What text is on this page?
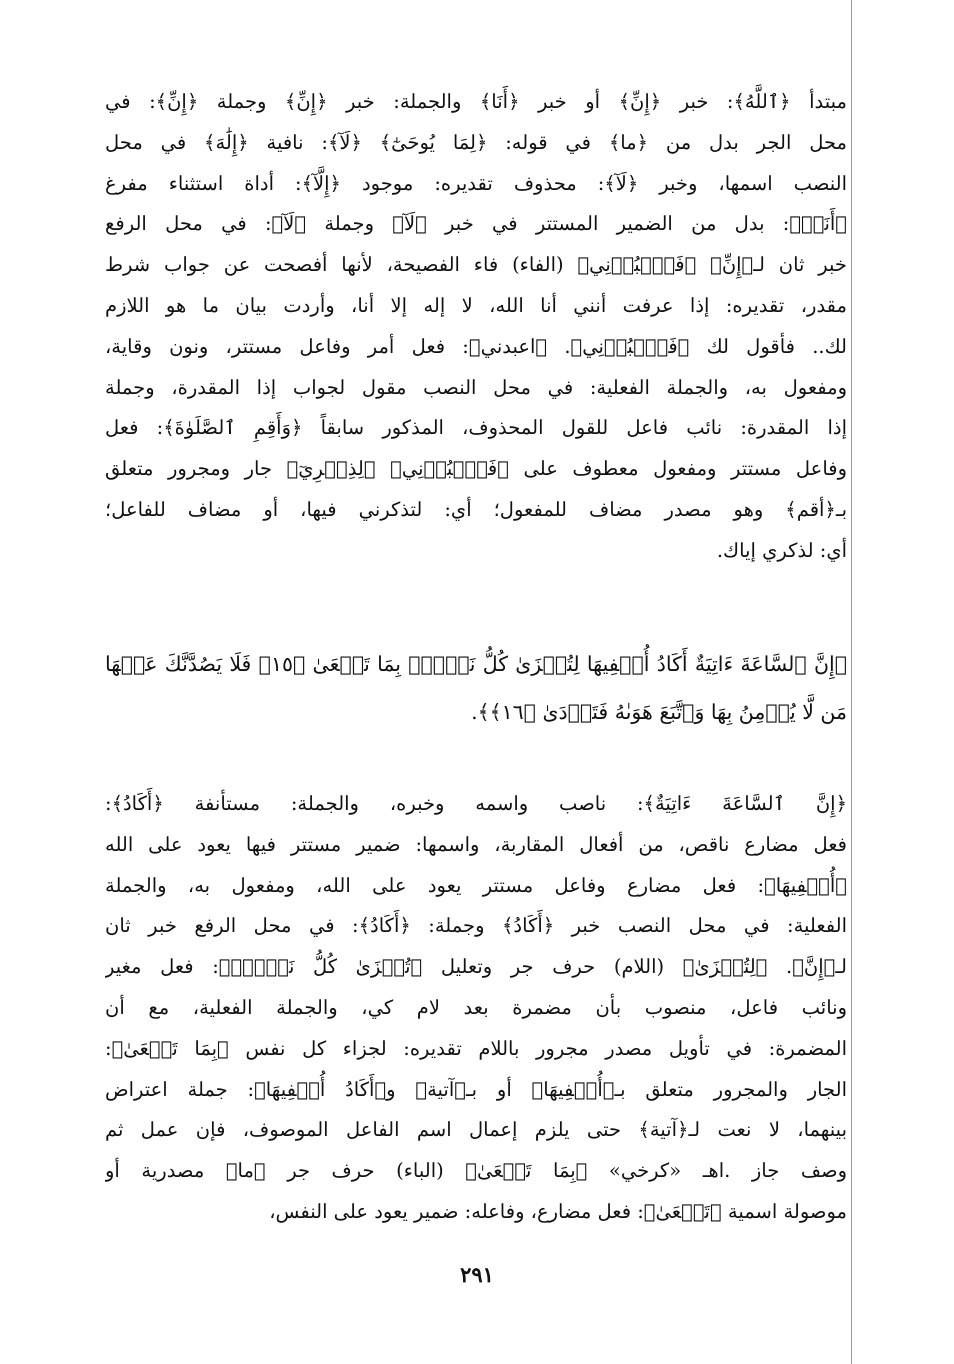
مبتدأ ﴿ٱللَّهُ﴾: خبر ﴿إِنِّ﴾ أو خبر ﴿أَنَا﴾ والجملة: خبر ﴿إِنِّ﴾ وجملة ﴿إِنِّ﴾: في
محل الجر بدل من ﴿ما﴾ في قوله: ﴿لِمَا يُوحَىٰٓ﴾ ﴿لَآ﴾: نافية ﴿إِلَٰهَ﴾ في محل
النصب اسمها، وخبر ﴿لَآ﴾: محذوف تقديره: موجود ﴿إِلَّآ﴾: أداة استثناء مفرغ
﴿أَنَا۠﴾: بدل من الضمير المستتر في خبر ﴿لَآ﴾ وجملة ﴿لَآ﴾: في محل الرفع
خبر ثان لـ﴿إِنِّ﴾ ﴿فَٱعۡبُدۡنِي﴾ (الفاء) فاء الفصيحة، لأنها أفصحت عن جواب شرط
مقدر، تقديره: إذا عرفت أنني أنا الله، لا إله إلا أنا، وأردت بيان ما هو اللازم
لك.. فأقول لك ﴿فَٱعۡبُدۡنِي﴾. ﴿اعبدني﴾: فعل أمر وفاعل مستتر، ونون وقاية،
ومفعول به، والجملة الفعلية: في محل النصب مقول لجواب إذا المقدرة، وجملة
إذا المقدرة: نائب فاعل للقول المحذوف، المذكور سابقاً ﴿وَأَقِمِ ٱلصَّلَوٰةَ﴾: فعل
وفاعل مستتر ومفعول معطوف على ﴿فَٱعۡبُدۡنِي﴾ ﴿لِذِكۡرِيٓ﴾ جار ومجرور متعلق
بـ﴿أقم﴾ وهو مصدر مضاف للمفعول؛ أي: لتذكرني فيها، أو مضاف للفاعل؛
أي: لذكري إياك.
﴿إِنَّ ٱلسَّاعَةَ ءَاتِيَةٌ أَكَادُ أُخۡفِيهَا لِتُجۡزَىٰ كُلُّ نَفۡسِۭ بِمَا تَسۡعَىٰ ﴿١٥﴾ فَلَا يَصُدَّنَّكَ عَنۡهَا
مَن لَّا يُؤۡمِنُ بِهَا وَٱتَّبَعَ هَوَىٰهُ فَتَرۡدَىٰ ﴿١٦﴾﴾.
﴿إِنَّ ٱلسَّاعَةَ ءَاتِيَةٌ﴾: ناصب واسمه وخبره، والجملة: مستأنفة ﴿أَكَادُ﴾:
فعل مضارع ناقص، من أفعال المقاربة، واسمها: ضمير مستتر فيها يعود على الله
﴿أُخۡفِيهَا﴾: فعل مضارع وفاعل مستتر يعود على الله، ومفعول به، والجملة
الفعلية: في محل النصب خبر ﴿أَكَادُ﴾ وجملة: ﴿أَكَادُ﴾: في محل الرفع خبر ثان
لـ﴿إِنَّ﴾. ﴿لِتُجۡزَىٰ﴾ (اللام) حرف جر وتعليل ﴿تُجۡزَىٰ كُلُّ نَفۡسِۭ﴾: فعل مغير
ونائب فاعل، منصوب بأن مضمرة بعد لام كي، والجملة الفعلية، مع أن
المضمرة: في تأويل مصدر مجرور باللام تقديره: لجزاء كل نفس ﴿بِمَا تَسۡعَىٰ﴾:
الجار والمجرور متعلق بـ﴿أُخۡفِيهَا﴾ أو بـ﴿آتية﴾ و﴿أَكَادُ أُخۡفِيهَا﴾: جملة اعتراض
بينهما، لا نعت لـ﴿آتية﴾ حتى يلزم إعمال اسم الفاعل الموصوف، فإن عمل ثم
وصف جاز .اهـ «كرخي» ﴿بِمَا تَسۡعَىٰ﴾ (الباء) حرف جر ﴿ما﴾ مصدرية أو
موصولة اسمية ﴿تَسۡعَىٰ﴾: فعل مضارع، وفاعله: ضمير يعود على النفس،
٢٩١
